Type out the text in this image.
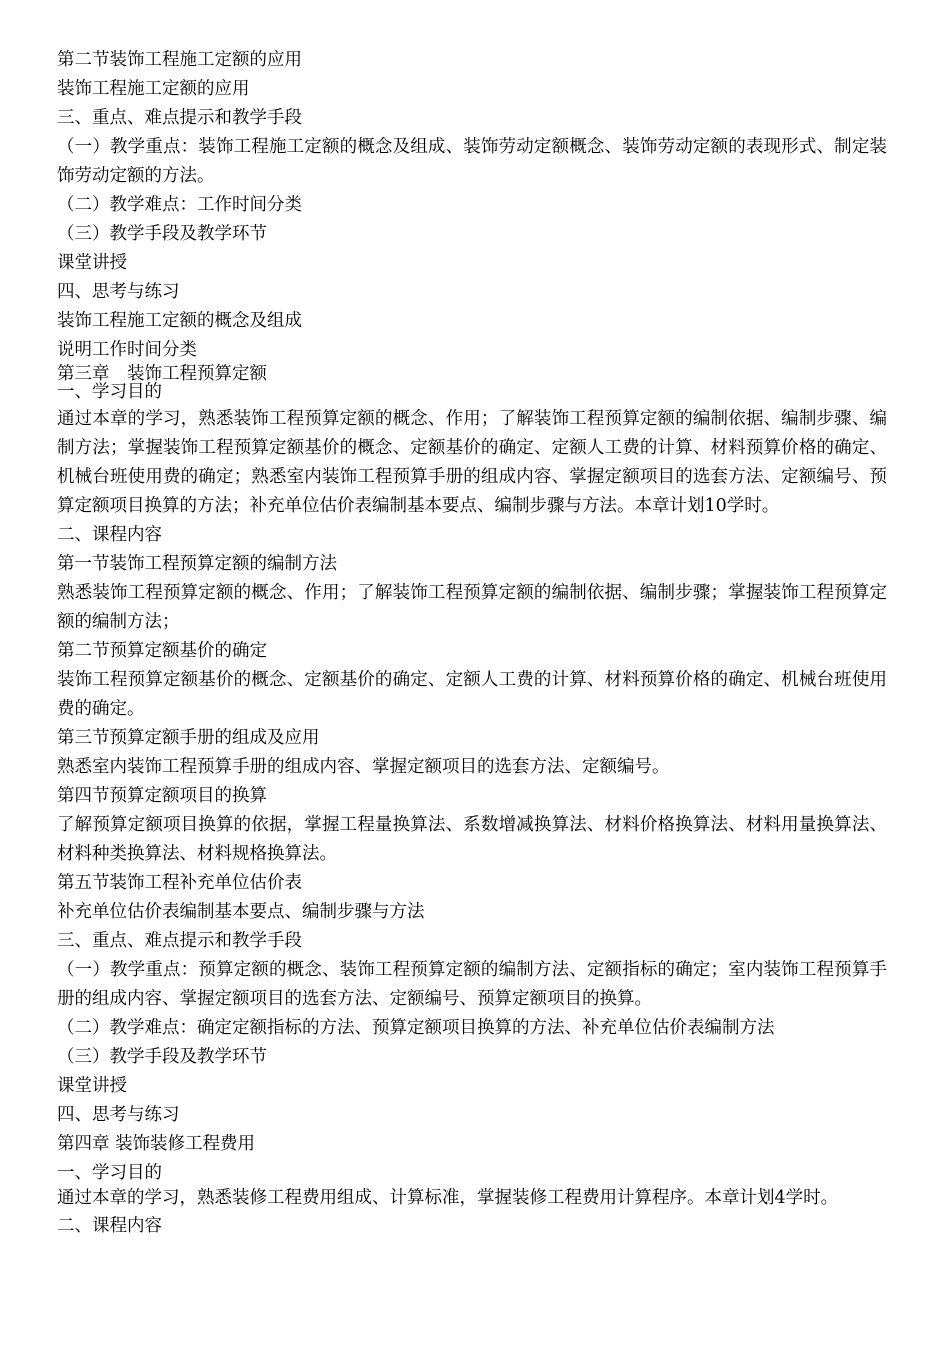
第二节装饰工程施工定额的应用

装饰工程施工定额的应用

三、重点、难点提示和教学手段

（一）教学重点：装饰工程施工定额的概念及组成、装饰劳动定额概念、装饰劳动定额的表现形式、制定装饰劳动定额的方法。

（二）教学难点：工作时间分类

（三）教学手段及教学环节

课堂讲授

四、思考与练习

装饰工程施工定额的概念及组成

说明工作时间分类

第三章　装饰工程预算定额

一、学习目的

通过本章的学习，熟悉装饰工程预算定额的概念、作用；了解装饰工程预算定额的编制依据、编制步骤、编制方法；掌握装饰工程预算定额基价的概念、定额基价的确定、定额人工费的计算、材料预算价格的确定、机械台班使用费的确定；熟悉室内装饰工程预算手册的组成内容、掌握定额项目的选套方法、定额编号、预算定额项目换算的方法；补充单位估价表编制基本要点、编制步骤与方法。本章计划10学时。

二、课程内容

第一节装饰工程预算定额的编制方法

熟悉装饰工程预算定额的概念、作用；了解装饰工程预算定额的编制依据、编制步骤；掌握装饰工程预算定额的编制方法；

第二节预算定额基价的确定

装饰工程预算定额基价的概念、定额基价的确定、定额人工费的计算、材料预算价格的确定、机械台班使用费的确定。

第三节预算定额手册的组成及应用

熟悉室内装饰工程预算手册的组成内容、掌握定额项目的选套方法、定额编号。

第四节预算定额项目的换算

了解预算定额项目换算的依据，掌握工程量换算法、系数增减换算法、材料价格换算法、材料用量换算法、材料种类换算法、材料规格换算法。

第五节装饰工程补充单位估价表

补充单位估价表编制基本要点、编制步骤与方法

三、重点、难点提示和教学手段

（一）教学重点：预算定额的概念、装饰工程预算定额的编制方法、定额指标的确定；室内装饰工程预算手册的组成内容、掌握定额项目的选套方法、定额编号、预算定额项目的换算。

（二）教学难点：确定定额指标的方法、预算定额项目换算的方法、补充单位估价表编制方法

（三）教学手段及教学环节

课堂讲授

四、思考与练习

第四章 装饰装修工程费用

一、学习目的

通过本章的学习，熟悉装修工程费用组成、计算标准，掌握装修工程费用计算程序。本章计划4学时。

二、课程内容
